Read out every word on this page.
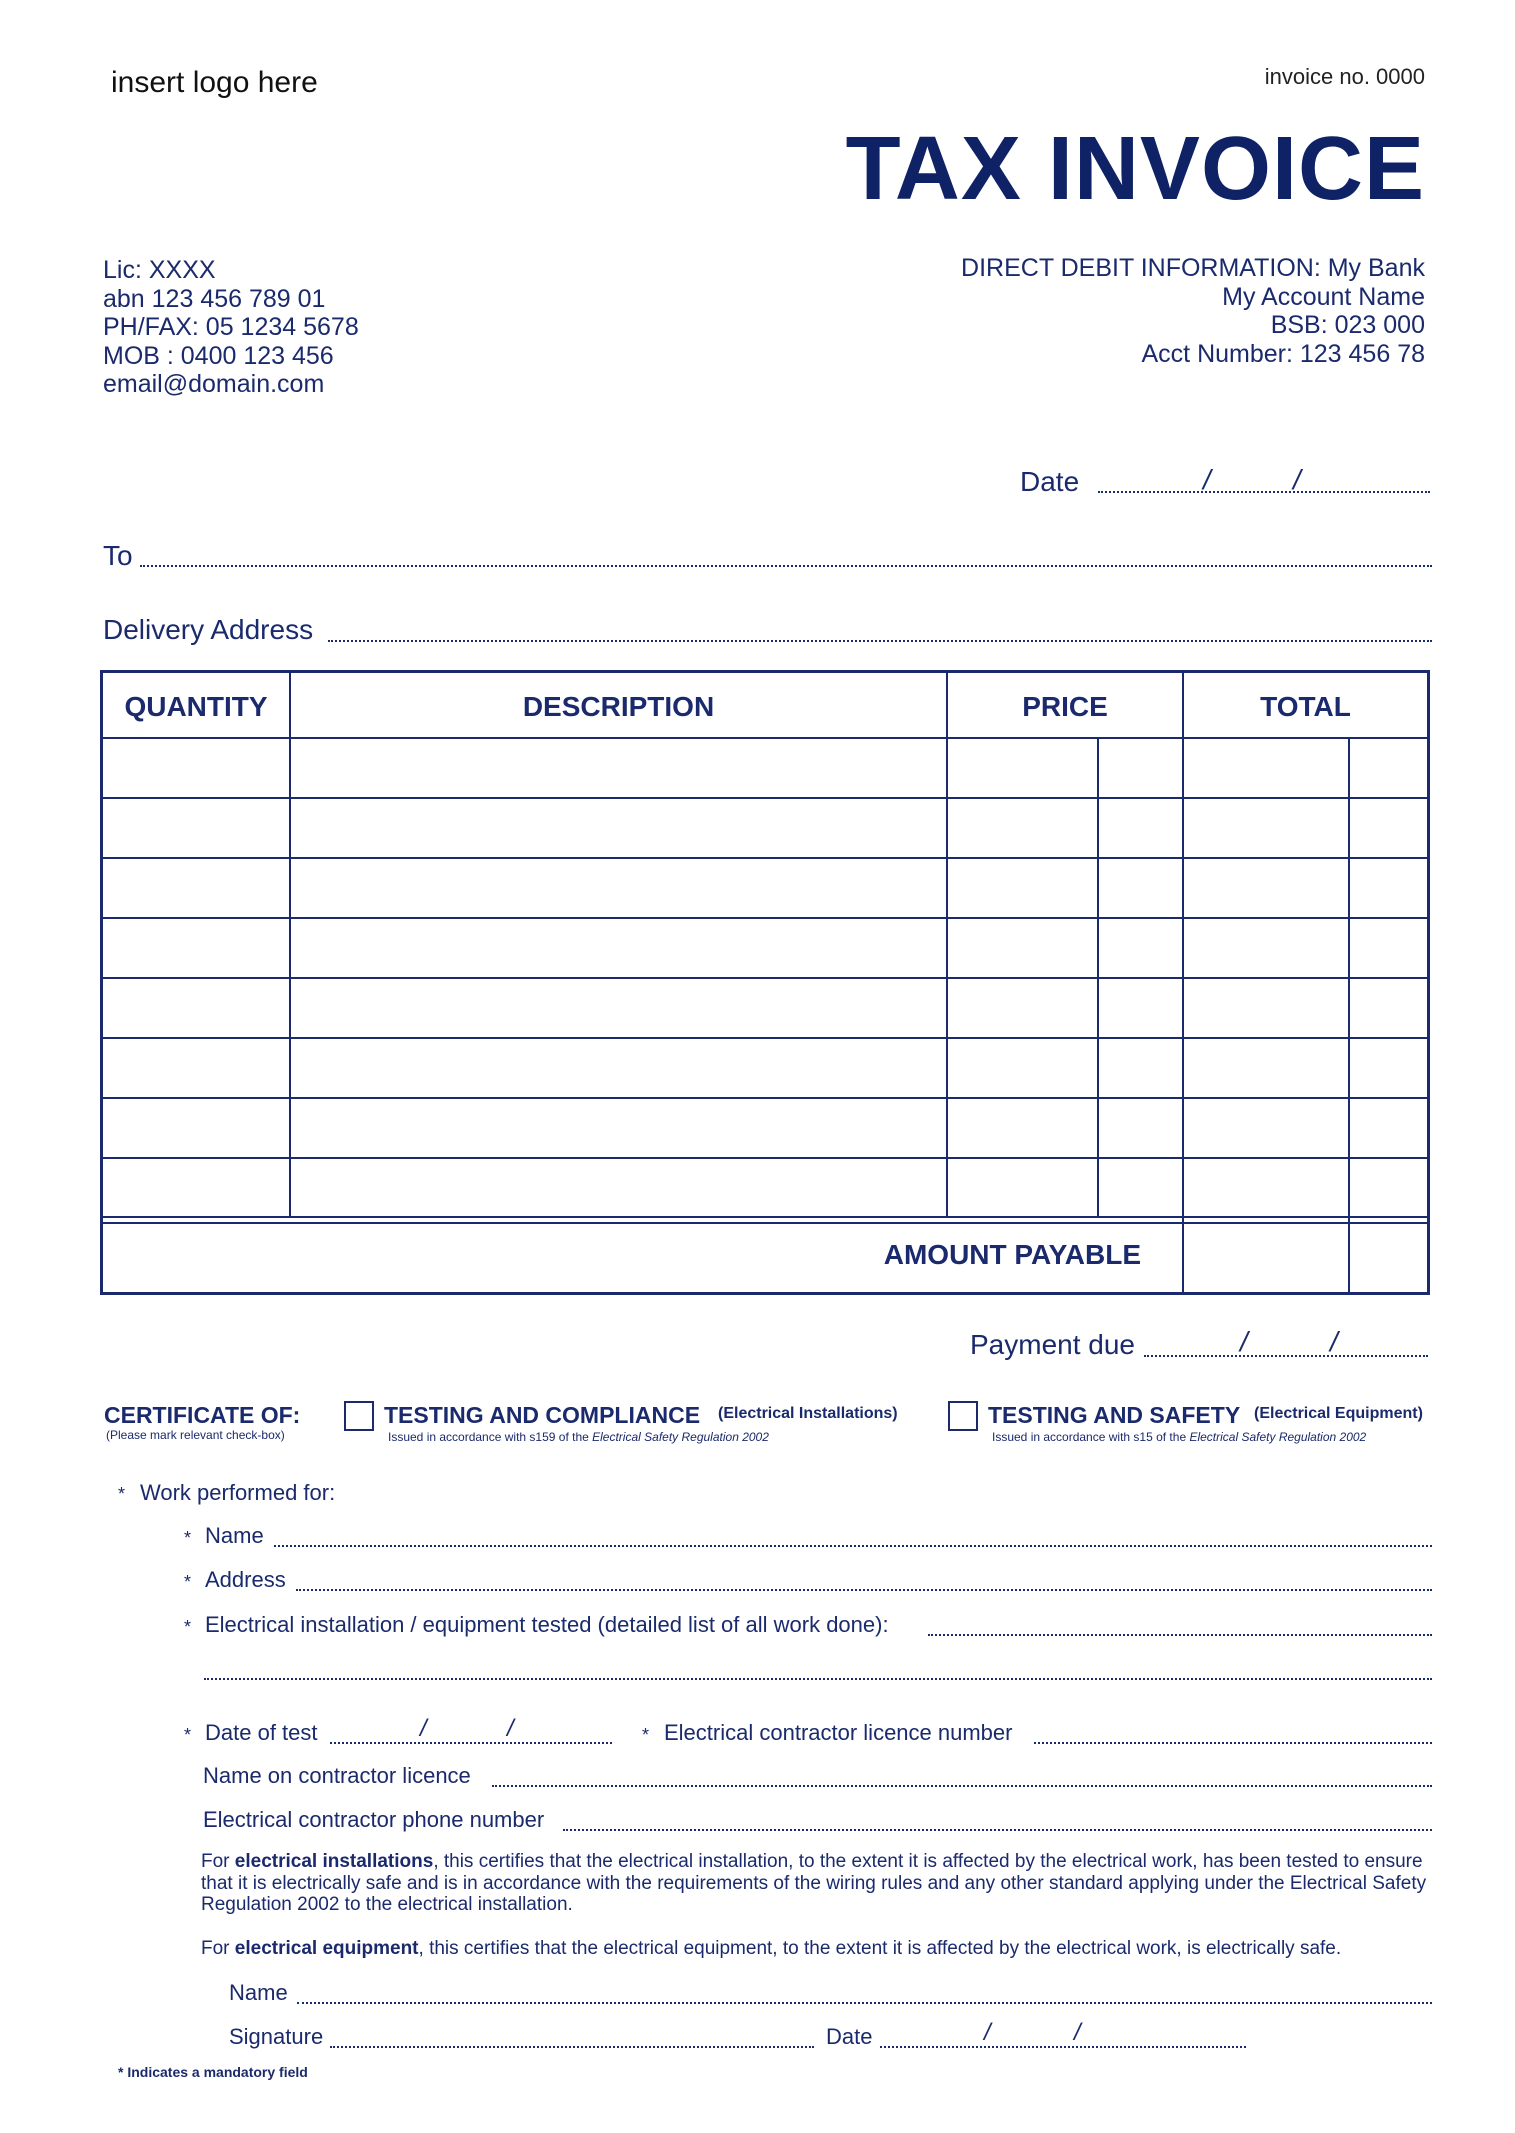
insert logo here	invoice no. 0000
TAX INVOICE
Lic: XXXX
abn 123 456 789 01
PH/FAX: 05 1234 5678
MOB : 0400 123 456
email@domain.com
DIRECT DEBIT INFORMATION: My Bank
My Account Name
BSB: 023 000
Acct Number: 123 456 78
Date	/	/
To
Delivery Address
QUANTITY	DESCRIPTION	PRICE	TOTAL
AMOUNT PAYABLE
Payment due	/	/
CERTIFICATE OF:
(Please mark relevant check-box)
TESTING AND COMPLIANCE (Electrical Installations)
Issued in accordance with s159 of the Electrical Safety Regulation 2002
TESTING AND SAFETY (Electrical Equipment)
Issued in accordance with s15 of the Electrical Safety Regulation 2002
* Work performed for:
* Name
* Address
* Electrical installation / equipment tested (detailed list of all work done):
* Date of test	/	/	* Electrical contractor licence number
Name on contractor licence
Electrical contractor phone number
For electrical installations, this certifies that the electrical installation, to the extent it is affected by the electrical work, has been tested to ensure that it is electrically safe and is in accordance with the requirements of the wiring rules and any other standard applying under the Electrical Safety Regulation 2002 to the electrical installation.
For electrical equipment, this certifies that the electrical equipment, to the extent it is affected by the electrical work, is electrically safe.
Name
Signature	Date	/	/
* Indicates a mandatory field
